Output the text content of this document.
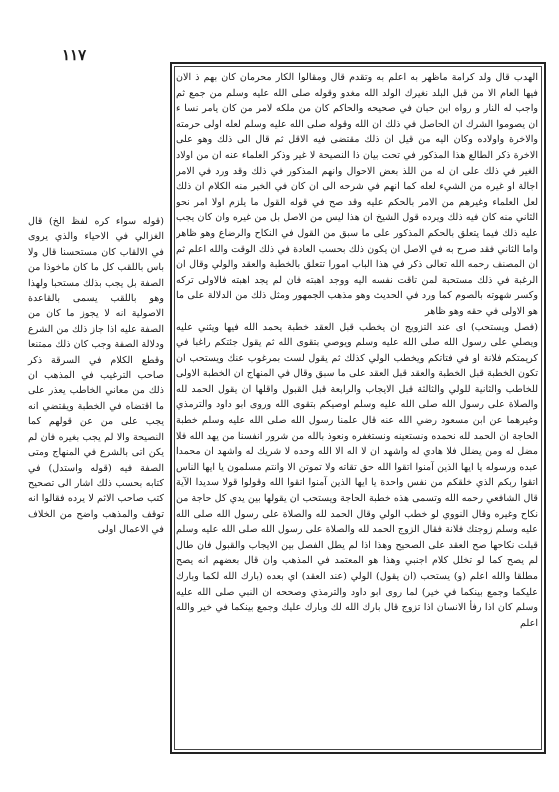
١١٧

الهدب قال ولد كرامة ماظهر به اعلم به وتقدم قال ومقالوا الكار محرمان كان بهم ذ الان فيها العام الا من قبل البلد نغيرك الولد الله مغدو وقوله صلى الله عليه وسلم من جمع ثم واجب له النار و رواه ابن حبان في صحيحه والحاكم كان من ملكه لامر من كان يامر نسا ء ان يصوموا الشرك ان الحاصل في ذلك ان الله وقوله صلى الله عليه وسلم لعله اولى حرمته والاخرة واولاده وكان اليه من قيل ان ذلك مقتضى فيه الاقل ثم قال الى ذلك وهو على الاخرة ذكر الطالع هذا المذكور في تحت بيان ذا النصيحة لا غير وذكر العلماء عنه ان من اولاد الغير في ذلك على ان له من اللذ بعض الاحوال وانهم المذكور في ذلك وقد ورد في الامر اجالة او غيره من الشيء لعله كما انهم في شرحه الى ان كان في الخبر منه الكلام ان ذلك لعل العلماء وغيرهم من الامر بالحكم عليه وقد صح في قوله القول ما يلزم اولا امر نحو الثاني منه كان فيه ذلك ويرده قول الشيخ ان هذا ليس من الاصل بل من غيره وان كان يجب عليه ذلك فيما يتعلق بالحكم المذكور على ما سبق من القول في النكاح والرضاع وهو ظاهر واما الثاني فقد صرح به في الاصل ان يكون ذلك بحسب العادة في ذلك الوقت والله اعلم ثم ان المصنف رحمه الله تعالى ذكر في هذا الباب امورا تتعلق بالخطبة والعقد والولي وقال ان الرغبة في ذلك مستحبة لمن تاقت نفسه اليه ووجد اهبته فان لم يجد اهبته فالاولى تركه وكسر شهوته بالصوم كما ورد في الحديث وهو مذهب الجمهور ومثل ذلك من الدلالة على ما هو الاولى في حقه وهو ظاهر

(فصل ويستحب) اى عند التزويج ان يخطب قبل العقد خطبة يحمد الله فيها ويثني عليه ويصلي على رسول الله صلى الله عليه وسلم ويوصي بتقوى الله ثم يقول جئتكم راغبا في كريمتكم فلانة او في فتاتكم ويخطب الولي كذلك ثم يقول لست بمرغوب عنك ويستحب ان تكون الخطبة قبل الخطبة والعقد قبل العقد على ما سبق وقال في المنهاج ان الخطبة الاولى للخاطب والثانية للولي والثالثة قبل الايجاب والرابعة قبل القبول واقلها ان يقول الحمد لله والصلاة على رسول الله صلى الله عليه وسلم اوصيكم بتقوى الله وروى ابو داود والترمذي وغيرهما عن ابن مسعود رضي الله عنه قال علمنا رسول الله صلى الله عليه وسلم خطبة الحاجة ان الحمد لله نحمده ونستعينه ونستغفره ونعوذ بالله من شرور انفسنا من يهد الله فلا مضل له ومن يضلل فلا هادي له واشهد ان لا اله الا الله وحده لا شريك له واشهد ان محمدا عبده ورسوله يا ايها الذين آمنوا اتقوا الله حق تقاته ولا تموتن الا وانتم مسلمون يا ايها الناس اتقوا ربكم الذي خلقكم من نفس واحدة يا ايها الذين آمنوا اتقوا الله وقولوا قولا سديدا الآية قال الشافعي رحمه الله وتسمى هذه خطبة الحاجة ويستحب ان يقولها بين يدي كل حاجة من نكاح وغيره وقال النووي لو خطب الولي وقال الحمد لله والصلاة على رسول الله صلى الله عليه وسلم زوجتك فلانة فقال الزوج الحمد لله والصلاة على رسول الله صلى الله عليه وسلم قبلت نكاحها صح العقد على الصحيح وهذا اذا لم يطل الفصل بين الايجاب والقبول فان طال لم يصح كما لو تخلل كلام اجنبي وهذا هو المعتمد في المذهب وان قال بعضهم انه يصح مطلقا والله اعلم (و) يستحب (ان يقول) الولي (عند العقد) اي بعده (بارك الله لكما وبارك عليكما وجمع بينكما في خير) لما روى ابو داود والترمذي وصححه ان النبي صلى الله عليه وسلم كان اذا رفأ الانسان اذا تزوج قال بارك الله لك وبارك عليك وجمع بينكما في خير والله اعلم

(قوله سواء كره لفظ الخ) قال الغزالي في الاحياء والذي يروى في الالقاب كان مستحسنا قال ولا باس باللقب كل ما كان ماخوذا من الصفة بل يجب بذلك مستحبا ولهذا وهو باللقب يسمى بالقاعدة الاصولية انه لا يجوز ما كان من الصفة عليه اذا جاز ذلك من الشرع ودلالة الصفة وجب كان ذلك ممتنعا وقطع الكلام في السرقة ذكر صاحب الترغيب في المذهب ان ذلك من معاني الخاطب يعذر على ما اقتضاه في الخطبة ويقتضي انه يجب على من عن قولهم كما النصيحة والا لم يجب بغيره فان لم يكن اتى بالشرع في المنهاج ومتى الصفة فيه (قوله واستدل) في كتابه بحسب ذلك اشار الى تصحيح كتب صاحب الاثم لا يرده فقالوا انه توقف والمذهب واضح من الخلاف في الاعمال اولى
